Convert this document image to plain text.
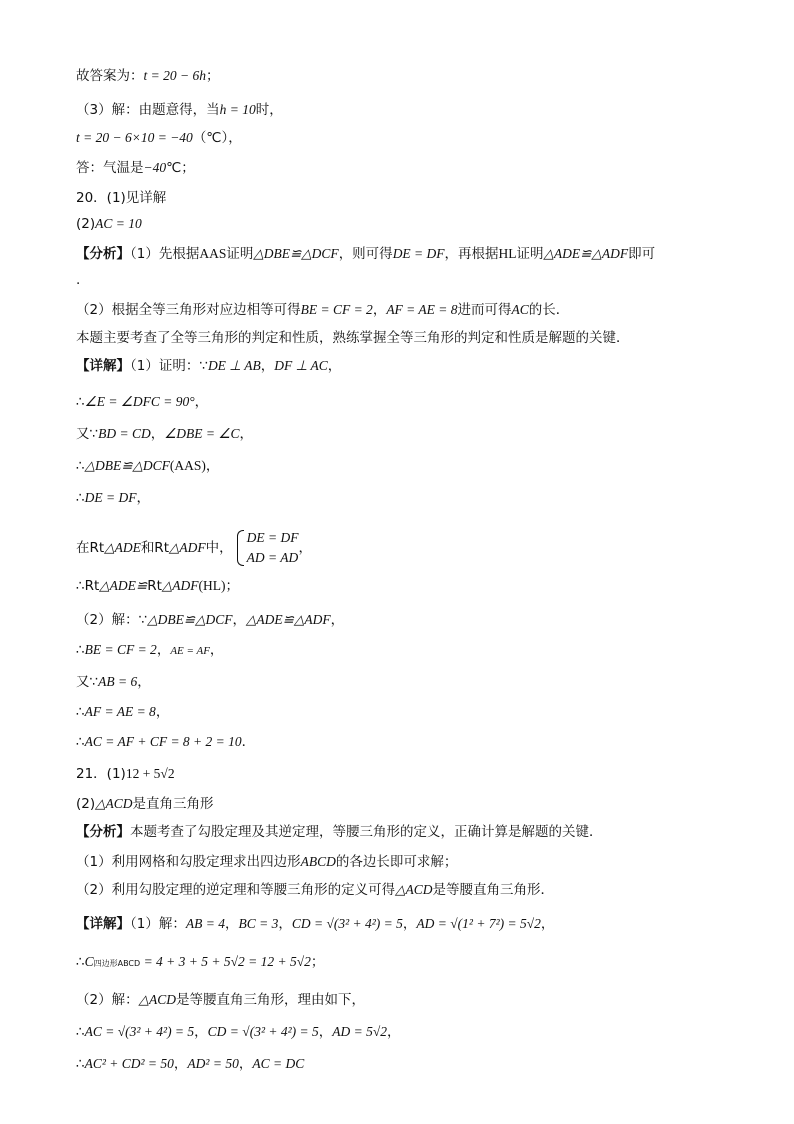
故答案为：t = 20 − 6h；
（3）解：由题意得，当h = 10时，
t = 20 − 6×10 = −40（℃），
答：气温是−40℃；
20．(1)见详解
(2)AC = 10
【分析】（1）先根据AAS证明△DBE≌△DCF，则可得DE = DF，再根据HL证明△ADE≌△ADF即可
.
（2）根据全等三角形对应边相等可得BE = CF = 2，AF = AE = 8进而可得AC的长．
本题主要考查了全等三角形的判定和性质，熟练掌握全等三角形的判定和性质是解题的关键．
【详解】（1）证明：∵DE ⊥ AB，DF ⊥ AC，
∴∠E = ∠DFC = 90°，
又∵BD = CD，∠DBE = ∠C，
∴△DBE≌△DCF(AAS)，
∴DE = DF，
在Rt△ADE和Rt△ADF中，
DE = DF
AD = AD
，
∴Rt△ADE≌Rt△ADF(HL)；
（2）解：∵△DBE≌△DCF，△ADE≌△ADF，
∴BE = CF = 2，AE = AF，
又∵AB = 6，
∴AF = AE = 8，
∴AC = AF + CF = 8 + 2 = 10．
21．(1)12 + 5√2
(2)△ACD是直角三角形
【分析】本题考查了勾股定理及其逆定理，等腰三角形的定义，正确计算是解题的关键．
（1）利用网格和勾股定理求出四边形ABCD的各边长即可求解；
（2）利用勾股定理的逆定理和等腰三角形的定义可得△ACD是等腰直角三角形．
【详解】（1）解：AB = 4，BC = 3，CD = √(3² + 4²) = 5，AD = √(1² + 7²) = 5√2，
∴C四边形ABCD = 4 + 3 + 5 + 5√2 = 12 + 5√2；
（2）解：△ACD是等腰直角三角形，理由如下，
∴AC = √(3² + 4²) = 5，CD = √(3² + 4²) = 5，AD = 5√2，
∴AC² + CD² = 50，AD² = 50，AC = DC
